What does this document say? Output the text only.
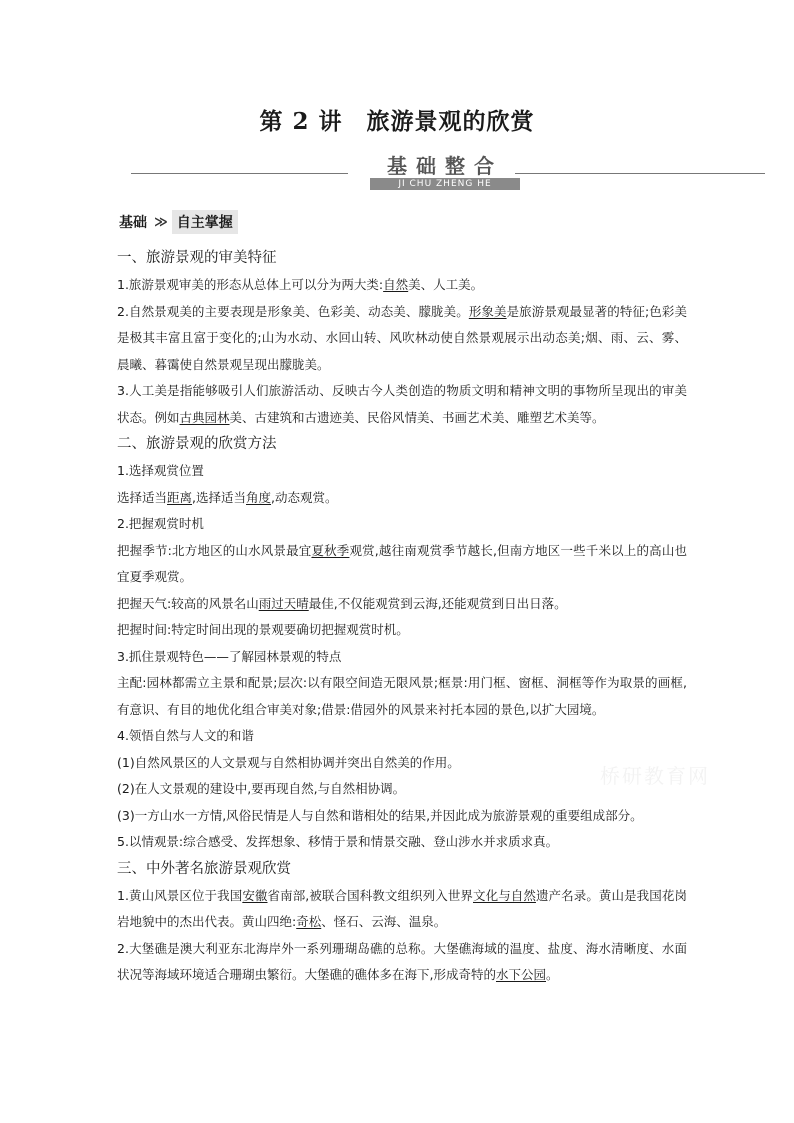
第 2 讲　旅游景观的欣赏
基础整合
JI CHU ZHENG HE
基础 ≫ 自主掌握
桥研教育网
一、旅游景观的审美特征

1.旅游景观审美的形态从总体上可以分为两大类:自然美、人工美。

2.自然景观美的主要表现是形象美、色彩美、动态美、朦胧美。形象美是旅游景观最显著的特征;色彩美是极其丰富且富于变化的;山为水动、水回山转、风吹林动使自然景观展示出动态美;烟、雨、云、雾、晨曦、暮霭使自然景观呈现出朦胧美。

3.人工美是指能够吸引人们旅游活动、反映古今人类创造的物质文明和精神文明的事物所呈现出的审美状态。例如古典园林美、古建筑和古遗迹美、民俗风情美、书画艺术美、雕塑艺术美等。

二、旅游景观的欣赏方法

1.选择观赏位置

选择适当距离,选择适当角度,动态观赏。

2.把握观赏时机

把握季节:北方地区的山水风景最宜夏秋季观赏,越往南观赏季节越长,但南方地区一些千米以上的高山也宜夏季观赏。

把握天气:较高的风景名山雨过天晴最佳,不仅能观赏到云海,还能观赏到日出日落。

把握时间:特定时间出现的景观要确切把握观赏时机。

3.抓住景观特色——了解园林景观的特点

主配:园林都需立主景和配景;层次:以有限空间造无限风景;框景:用门框、窗框、洞框等作为取景的画框,有意识、有目的地优化组合审美对象;借景:借园外的风景来衬托本园的景色,以扩大园境。

4.领悟自然与人文的和谐

(1)自然风景区的人文景观与自然相协调并突出自然美的作用。

(2)在人文景观的建设中,要再现自然,与自然相协调。

(3)一方山水一方情,风俗民情是人与自然和谐相处的结果,并因此成为旅游景观的重要组成部分。

5.以情观景:综合感受、发挥想象、移情于景和情景交融、登山涉水并求质求真。

三、中外著名旅游景观欣赏

1.黄山风景区位于我国安徽省南部,被联合国科教文组织列入世界文化与自然遗产名录。黄山是我国花岗岩地貌中的杰出代表。黄山四绝:奇松、怪石、云海、温泉。

2.大堡礁是澳大利亚东北海岸外一系列珊瑚岛礁的总称。大堡礁海域的温度、盐度、海水清晰度、水面状况等海域环境适合珊瑚虫繁衍。大堡礁的礁体多在海下,形成奇特的水下公园。
